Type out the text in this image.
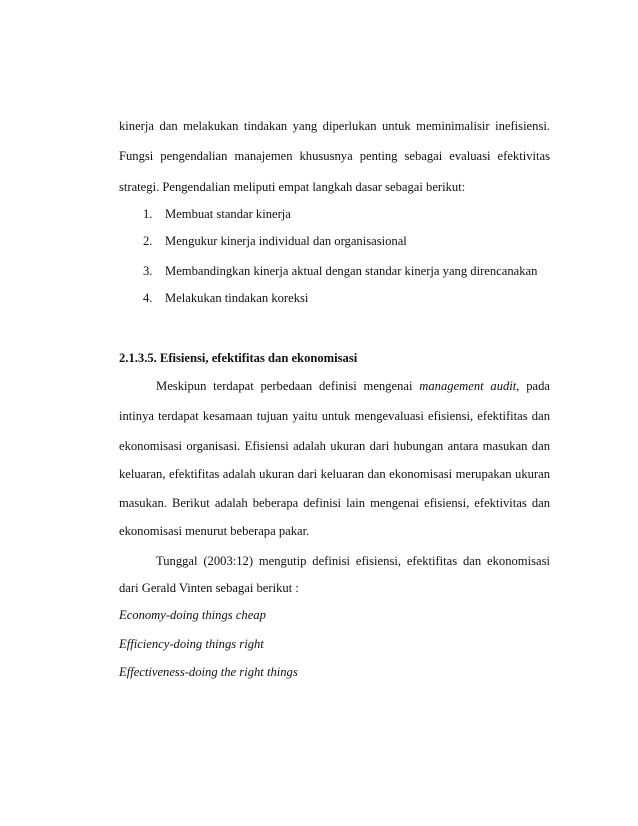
kinerja dan melakukan tindakan yang diperlukan untuk meminimalisir inefisiensi.
Fungsi pengendalian manajemen khususnya penting sebagai evaluasi efektivitas
strategi. Pengendalian meliputi empat langkah dasar sebagai berikut:
1. Membuat standar kinerja
2. Mengukur kinerja individual dan organisasional
3. Membandingkan kinerja aktual dengan standar kinerja yang direncanakan
4. Melakukan tindakan koreksi
2.1.3.5. Efisiensi, efektifitas dan ekonomisasi
Meskipun terdapat perbedaan definisi mengenai management audit, pada
intinya terdapat kesamaan tujuan yaitu untuk mengevaluasi efisiensi, efektifitas dan
ekonomisasi organisasi. Efisiensi adalah ukuran dari hubungan antara masukan dan
keluaran, efektifitas adalah ukuran dari keluaran dan ekonomisasi merupakan ukuran
masukan. Berikut adalah beberapa definisi lain mengenai efisiensi, efektivitas dan
ekonomisasi menurut beberapa pakar.
Tunggal (2003:12) mengutip definisi efisiensi, efektifitas dan ekonomisasi
dari Gerald Vinten sebagai berikut :
Economy-doing things cheap
Efficiency-doing things right
Effectiveness-doing the right things
